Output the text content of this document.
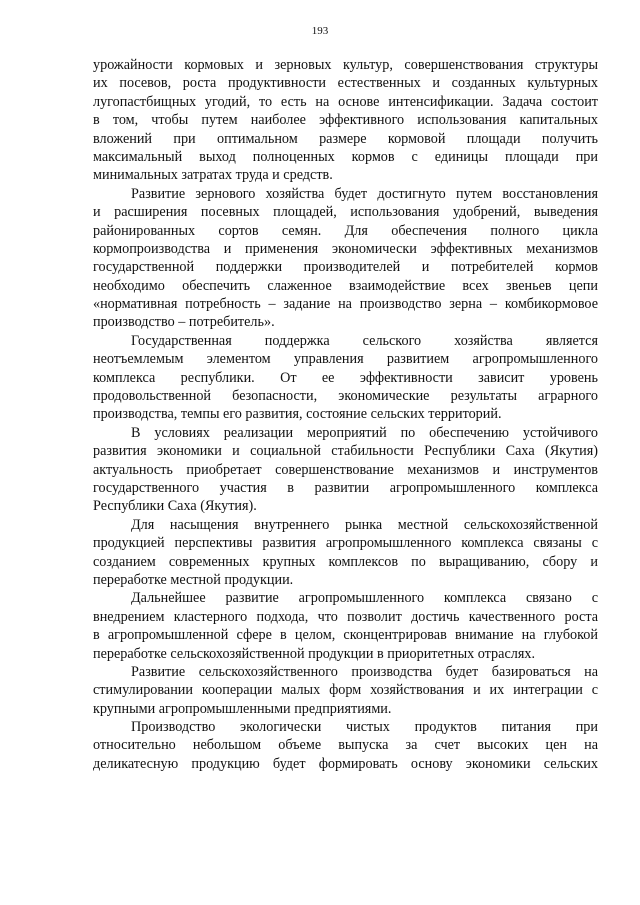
193
урожайности кормовых и зерновых культур, совершенствования структуры
их посевов, роста продуктивности естественных и созданных культурных
лугопастбищных угодий, то есть на основе интенсификации. Задача состоит
в том, чтобы путем наиболее эффективного использования капитальных
вложений при оптимальном размере кормовой площади получить
максимальный выход полноценных кормов с единицы площади при
минимальных затратах труда и средств.
Развитие зернового хозяйства будет достигнуто путем восстановления
и расширения посевных площадей, использования удобрений, выведения
районированных сортов семян. Для обеспечения полного цикла
кормопроизводства и применения экономически эффективных механизмов
государственной поддержки производителей и потребителей кормов
необходимо обеспечить слаженное взаимодействие всех звеньев цепи
«нормативная потребность – задание на производство зерна – комбикормовое
производство – потребитель».
Государственная поддержка сельского хозяйства является
неотъемлемым элементом управления развитием агропромышленного
комплекса республики. От ее эффективности зависит уровень
продовольственной безопасности, экономические результаты аграрного
производства, темпы его развития, состояние сельских территорий.
В условиях реализации мероприятий по обеспечению устойчивого
развития экономики и социальной стабильности Республики Саха (Якутия)
актуальность приобретает совершенствование механизмов и инструментов
государственного участия в развитии агропромышленного комплекса
Республики Саха (Якутия).
Для насыщения внутреннего рынка местной сельскохозяйственной
продукцией перспективы развития агропромышленного комплекса связаны с
созданием современных крупных комплексов по выращиванию, сбору и
переработке местной продукции.
Дальнейшее развитие агропромышленного комплекса связано с
внедрением кластерного подхода, что позволит достичь качественного роста
в агропромышленной сфере в целом, сконцентрировав внимание на глубокой
переработке сельскохозяйственной продукции в приоритетных отраслях.
Развитие сельскохозяйственного производства будет базироваться на
стимулировании кооперации малых форм хозяйствования и их интеграции с
крупными агропромышленными предприятиями.
Производство экологически чистых продуктов питания при
относительно небольшом объеме выпуска за счет высоких цен на
деликатесную продукцию будет формировать основу экономики сельских
